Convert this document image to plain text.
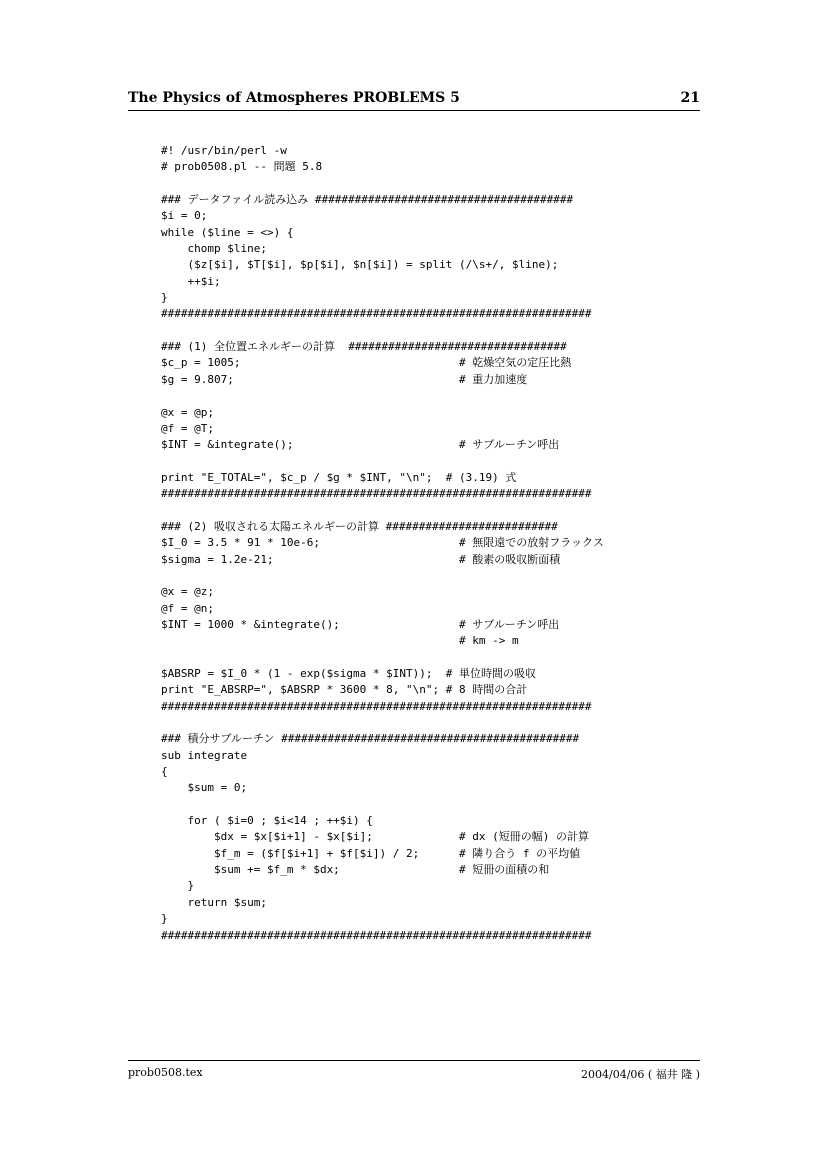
The Physics of Atmospheres PROBLEMS 5	21
#! /usr/bin/perl -w
# prob0508.pl -- 問題 5.8
### データファイル読み込み #######################################
$i = 0;
while ($line = <>) {
chomp $line;
($z[$i], $T[$i], $p[$i], $n[$i]) = split (/\s+/, $line);
++$i;
}
#################################################################
### (1) 全位置エネルギーの計算  #################################
$c_p = 1005;                                 # 乾燥空気の定圧比熱
$g = 9.807;                                  # 重力加速度
@x = @p;
@f = @T;
$INT = &integrate();                         # サブルーチン呼出
print "E_TOTAL=", $c_p / $g * $INT, "\n";  # (3.19) 式
#################################################################
### (2) 吸収される太陽エネルギーの計算 ##########################
$I_0 = 3.5 * 91 * 10e-6;                     # 無限遠での放射フラックス
$sigma = 1.2e-21;                            # 酸素の吸収断面積
@x = @z;
@f = @n;
$INT = 1000 * &integrate();                  # サブルーチン呼出
# km -> m
$ABSRP = $I_0 * (1 - exp($sigma * $INT));  # 単位時間の吸収
print "E_ABSRP=", $ABSRP * 3600 * 8, "\n"; # 8 時間の合計
#################################################################
### 積分サブルーチン #############################################
sub integrate
{
$sum = 0;
for ( $i=0 ; $i<14 ; ++$i) {
$dx = $x[$i+1] - $x[$i];             # dx (短冊の幅) の計算
$f_m = ($f[$i+1] + $f[$i]) / 2;      # 隣り合う f の平均値
$sum += $f_m * $dx;                  # 短冊の面積の和
}
return $sum;
}
#################################################################
prob0508.tex	2004/04/06 ( 福井 隆 )
